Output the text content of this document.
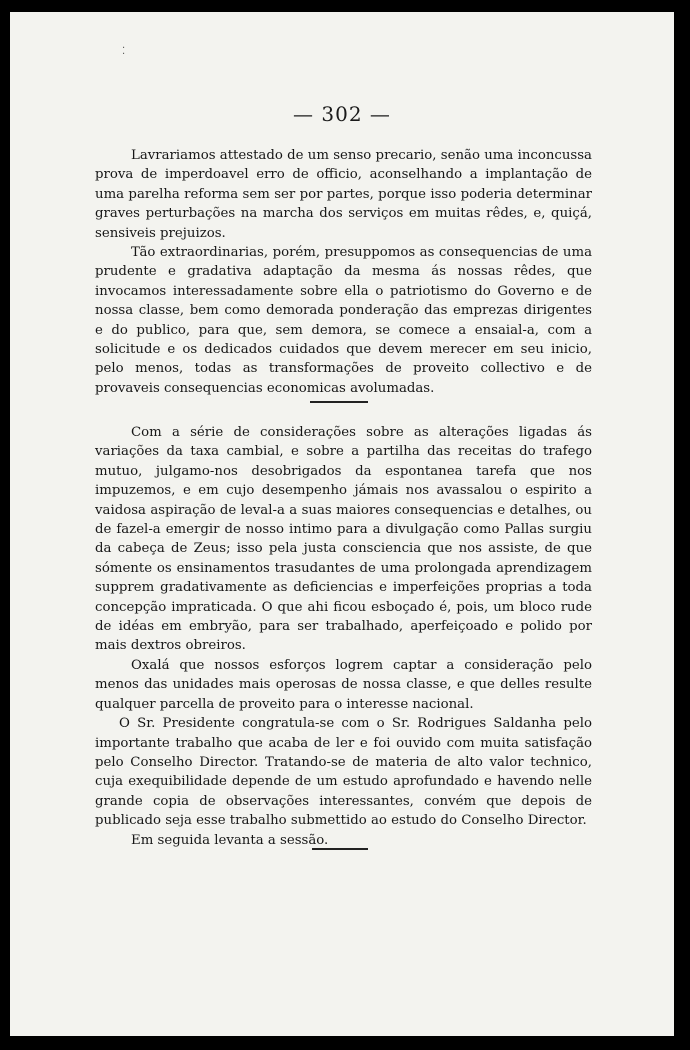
⁚
— 302 —

Lavrariamos attestado de um senso precario, senão uma inconcussa prova de imperdoavel erro de officio, aconselhando a implantação de uma parelha reforma sem ser por partes, porque isso poderia determinar graves perturbações na marcha dos serviços em muitas rêdes, e, quiçá, sensiveis prejuizos.

Tão extraordinarias, porém, presuppomos as consequencias de uma prudente e gradativa adaptação da mesma ás nossas rêdes, que invocamos interessadamente sobre ella o patriotismo do Governo e de nossa classe, bem como demorada ponderação das emprezas dirigentes e do publico, para que, sem demora, se comece a ensaial-a, com a solicitude e os dedicados cuidados que devem merecer em seu inicio, pelo menos, todas as transformações de proveito collectivo e de provaveis consequencias economicas avolumadas.

Com a série de considerações sobre as alterações ligadas ás variações da taxa cambial, e sobre a partilha das receitas do trafego mutuo, julgamo-nos desobrigados da espontanea tarefa que nos impuzemos, e em cujo desempenho jámais nos avassalou o espirito a vaidosa aspiração de leval-a a suas maiores consequencias e detalhes, ou de fazel-a emergir de nosso intimo para a divulgação como Pallas surgiu da cabeça de Zeus; isso pela justa consciencia que nos assiste, de que sómente os ensinamentos trasudantes de uma prolongada aprendizagem supprem gradativamente as deficiencias e imperfeições proprias a toda concepção impraticada. O que ahi ficou esboçado é, pois, um bloco rude de idéas em embryão, para ser trabalhado, aperfeiçoado e polido por mais dextros obreiros.

Oxalá que nossos esforços logrem captar a consideração pelo menos das unidades mais operosas de nossa classe, e que delles resulte qualquer parcella de proveito para o interesse nacional.

O Sr. Presidente congratula-se com o Sr. Rodrigues Saldanha pelo importante trabalho que acaba de ler e foi ouvido com muita satisfação pelo Conselho Director. Tratando-se de materia de alto valor technico, cuja exequibilidade depende de um estudo aprofundado e havendo nelle grande copia de observações interessantes, convém que depois de publicado seja esse trabalho submettido ao estudo do Conselho Director.

Em seguida levanta a sessão.
